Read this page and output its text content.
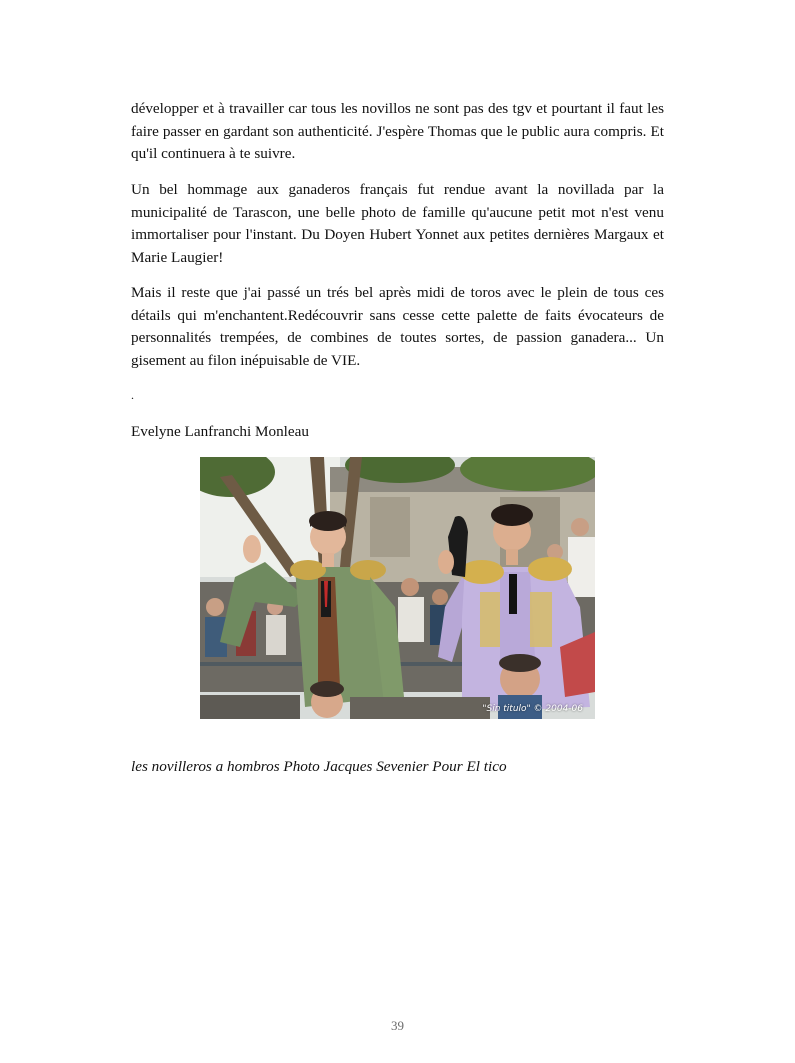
développer et à travailler car tous les novillos ne sont pas des tgv et pourtant il faut les faire passer en gardant son authenticité. J'espère Thomas que le public aura compris. Et qu'il continuera à te suivre.

Un bel hommage aux ganaderos français fut rendue avant la novillada par la municipalité de Tarascon, une belle photo de famille qu'aucune petit mot n'est venu immortaliser pour l'instant. Du Doyen Hubert Yonnet aux petites dernières Margaux et Marie Laugier!

Mais il reste que j'ai passé un trés bel après midi de toros avec le plein de tous ces détails qui m'enchantent.Redécouvrir sans cesse cette palette de faits évocateurs de personnalités trempées, de combines de toutes sortes, de passion ganadera... Un gisement au filon inépuisable de VIE.

.
Evelyne Lanfranchi Monleau
"Sin titulo" © 2004-06
les novilleros a hombros Photo Jacques Sevenier Pour El tico
39
